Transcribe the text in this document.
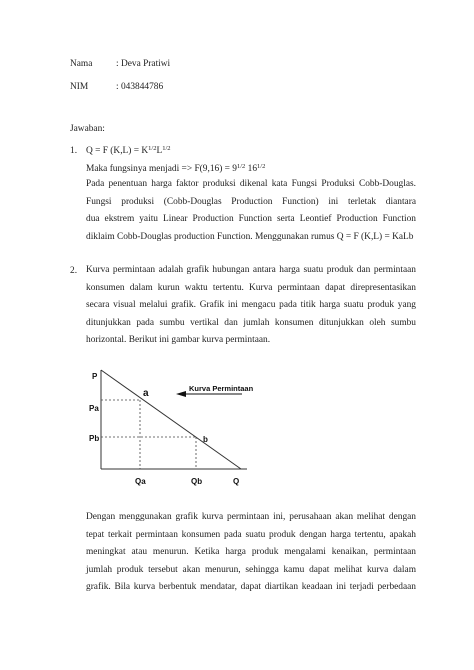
Nama	: Deva Pratiwi
NIM	: 043844786
Jawaban:
1. Q = F $(K,L) = K^{1/2}L^{1/2}$
Maka fungsinya menjadi => $F(9,16) = 9^{1/2}$ $16^{1/2}$
Pada penentuan harga faktor produksi dikenal kata Fungsi Produksi Cobb-Douglas.
Fungsi produksi (Cobb-Douglas Production Function) ini terletak diantara
dua ekstrem yaitu Linear Production Function serta Leontief Production Function
diklaim Cobb-Douglas production Function. Menggunakan rumus Q = F (K,L) = KaLb
2. Kurva permintaan adalah grafik hubungan antara harga suatu produk dan permintaan
konsumen dalam kurun waktu tertentu. Kurva permintaan dapat direpresentasikan
secara visual melalui grafik. Grafik ini mengacu pada titik harga suatu produk yang
ditunjukkan pada sumbu vertikal dan jumlah konsumen ditunjukkan oleh sumbu
horizontal. Berikut ini gambar kurva permintaan.
P
Pa
Pb
a
b
Qa	Qb	Q
Kurva Permintaan
Dengan menggunakan grafik kurva permintaan ini, perusahaan akan melihat dengan
tepat terkait permintaan konsumen pada suatu produk dengan harga tertentu, apakah
meningkat atau menurun. Ketika harga produk mengalami kenaikan, permintaan
jumlah produk tersebut akan menurun, sehingga kamu dapat melihat kurva dalam
grafik. Bila kurva berbentuk mendatar, dapat diartikan keadaan ini terjadi perbedaan
